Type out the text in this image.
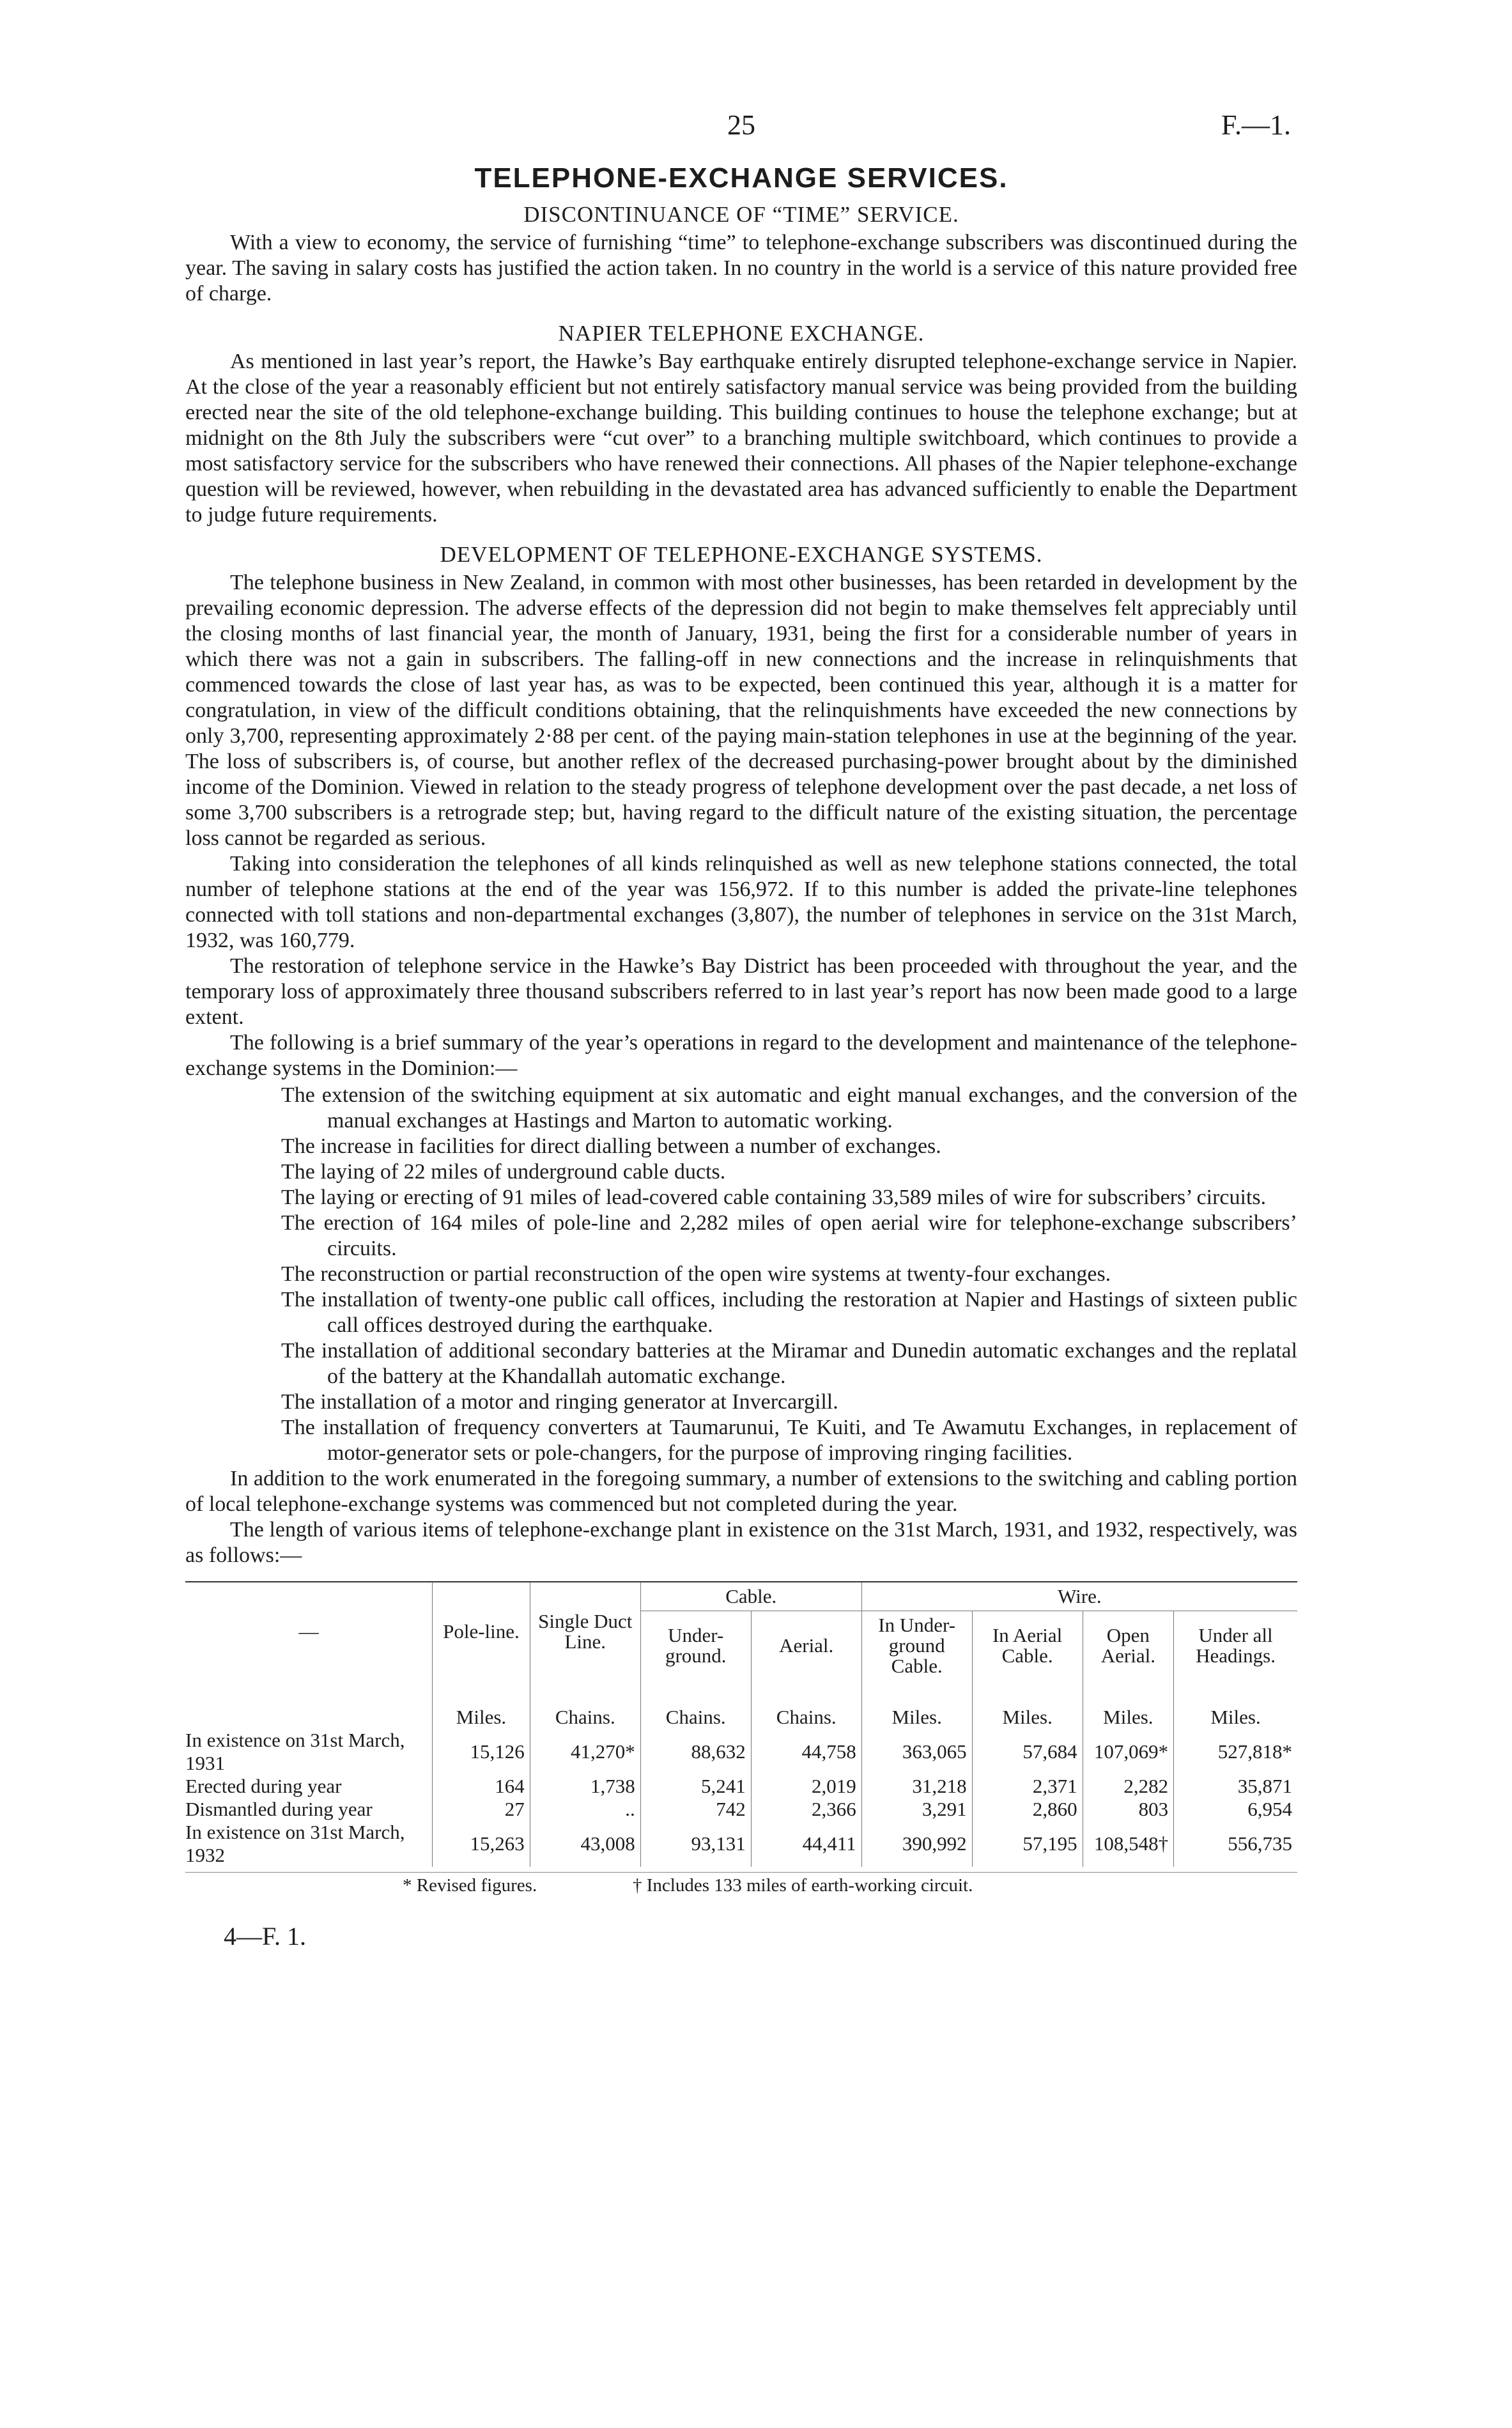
25	F.—1.
TELEPHONE-EXCHANGE SERVICES.
DISCONTINUANCE OF “TIME” SERVICE.

With a view to economy, the service of furnishing “time” to telephone-exchange subscribers was discontinued during the year. The saving in salary costs has justified the action taken. In no country in the world is a service of this nature provided free of charge.

NAPIER TELEPHONE EXCHANGE.

As mentioned in last year’s report, the Hawke’s Bay earthquake entirely disrupted telephone-exchange service in Napier. At the close of the year a reasonably efficient but not entirely satisfactory manual service was being provided from the building erected near the site of the old telephone-exchange building. This building continues to house the telephone exchange; but at midnight on the 8th July the subscribers were “cut over” to a branching multiple switchboard, which continues to provide a most satisfactory service for the subscribers who have renewed their connections. All phases of the Napier telephone-exchange question will be reviewed, however, when rebuilding in the devastated area has advanced sufficiently to enable the Department to judge future requirements.

DEVELOPMENT OF TELEPHONE-EXCHANGE SYSTEMS.

The telephone business in New Zealand, in common with most other businesses, has been retarded in development by the prevailing economic depression. The adverse effects of the depression did not begin to make themselves felt appreciably until the closing months of last financial year, the month of January, 1931, being the first for a considerable number of years in which there was not a gain in subscribers. The falling-off in new connections and the increase in relinquishments that commenced towards the close of last year has, as was to be expected, been continued this year, although it is a matter for congratulation, in view of the difficult conditions obtaining, that the relinquishments have exceeded the new connections by only 3,700, representing approximately 2·88 per cent. of the paying main-station telephones in use at the beginning of the year. The loss of subscribers is, of course, but another reflex of the decreased purchasing-power brought about by the diminished income of the Dominion. Viewed in relation to the steady progress of telephone development over the past decade, a net loss of some 3,700 subscribers is a retrograde step; but, having regard to the difficult nature of the existing situation, the percentage loss cannot be regarded as serious.

Taking into consideration the telephones of all kinds relinquished as well as new telephone stations connected, the total number of telephone stations at the end of the year was 156,972. If to this number is added the private-line telephones connected with toll stations and non-departmental exchanges (3,807), the number of telephones in service on the 31st March, 1932, was 160,779.

The restoration of telephone service in the Hawke’s Bay District has been proceeded with throughout the year, and the temporary loss of approximately three thousand subscribers referred to in last year’s report has now been made good to a large extent.

The following is a brief summary of the year’s operations in regard to the development and maintenance of the telephone-exchange systems in the Dominion:—

The extension of the switching equipment at six automatic and eight manual exchanges, and the conversion of the manual exchanges at Hastings and Marton to automatic working.
The increase in facilities for direct dialling between a number of exchanges.
The laying of 22 miles of underground cable ducts.
The laying or erecting of 91 miles of lead-covered cable containing 33,589 miles of wire for subscribers’ circuits.
The erection of 164 miles of pole-line and 2,282 miles of open aerial wire for telephone-exchange subscribers’ circuits.
The reconstruction or partial reconstruction of the open wire systems at twenty-four exchanges.
The installation of twenty-one public call offices, including the restoration at Napier and Hastings of sixteen public call offices destroyed during the earthquake.
The installation of additional secondary batteries at the Miramar and Dunedin automatic exchanges and the replatal of the battery at the Khandallah automatic exchange.
The installation of a motor and ringing generator at Invercargill.
The installation of frequency converters at Taumarunui, Te Kuiti, and Te Awamutu Exchanges, in replacement of motor-generator sets or pole-changers, for the purpose of improving ringing facilities.

In addition to the work enumerated in the foregoing summary, a number of extensions to the switching and cabling portion of local telephone-exchange systems was commenced but not completed during the year.

The length of various items of telephone-exchange plant in existence on the 31st March, 1931, and 1932, respectively, was as follows:—

—	Pole-line.	Single Duct Line.	Cable.		Wire.			
			Under-ground.	Aerial.	In Under-ground Cable.	In Aerial Cable.	Open Aerial.	Under all Headings.
	Miles.	Chains.	Chains.	Chains.	Miles.	Miles.	Miles.	Miles.
In existence on 31st March, 1931	15,126	41,270*	88,632	44,758	363,065	57,684	107,069*	527,818*
Erected during year	164	1,738	5,241	2,019	31,218	2,371	2,282	35,871
Dismantled during year	27	..	742	2,366	3,291	2,860	803	6,954
In existence on 31st March, 1932	15,263	43,008	93,131	44,411	390,992	57,195	108,548†	556,735
* Revised figures.	† Includes 133 miles of earth-working circuit.
4—F. 1.
